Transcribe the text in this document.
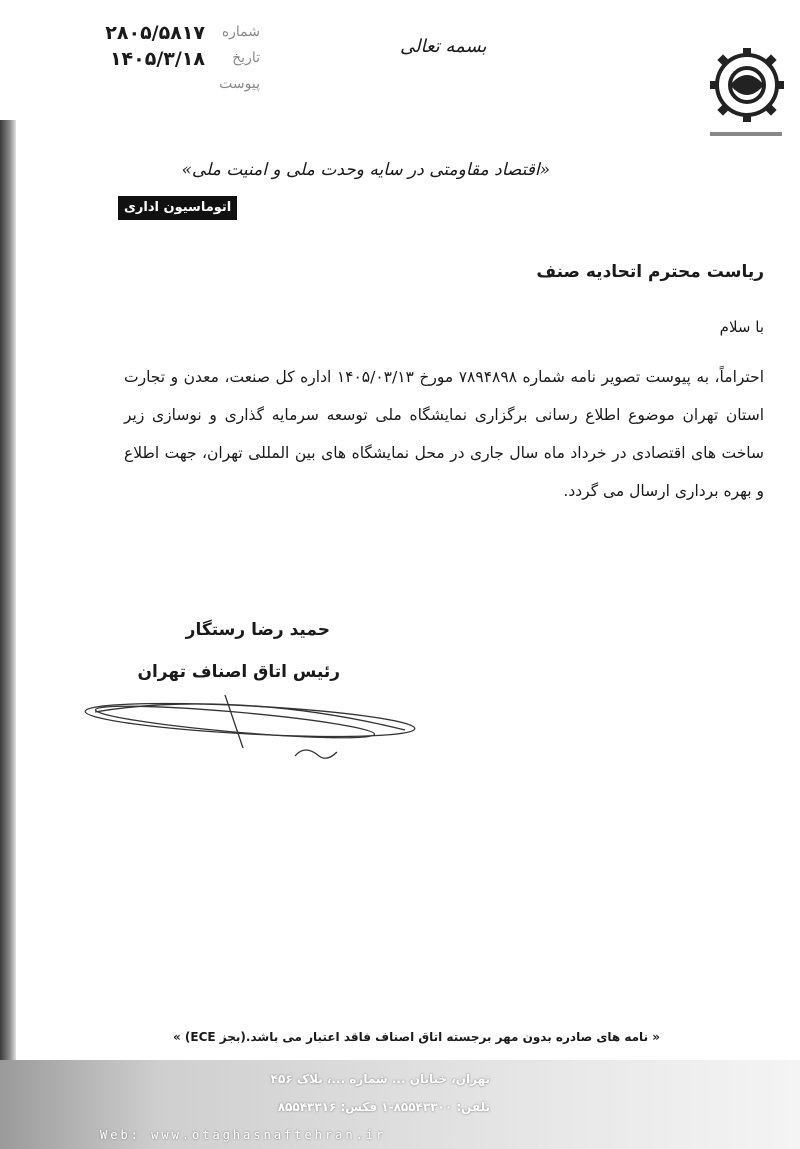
شماره
۲۸۰۵/۵۸۱۷
تاریخ
۱۴۰۵/۳/۱۸
پیوست
بسمه تعالی
«اقتصاد مقاومتی در سایه وحدت ملی و امنیت ملی»
اتوماسیون اداری
ریاست محترم اتحادیه صنف
با سلام
احتراماً، به پیوست تصویر نامه شماره ۷۸۹۴۸۹۸ مورخ ۱۴۰۵/۰۳/۱۳ اداره کل صنعت، معدن و تجارت استان تهران موضوع اطلاع رسانی برگزاری نمایشگاه ملی توسعه سرمایه گذاری و نوسازی زیر ساخت های اقتصادی در خرداد ماه سال جاری در محل نمایشگاه های بین المللی تهران، جهت اطلاع و بهره برداری ارسال می گردد.
حمید رضا رستگار
رئیس اتاق اصناف تهران
« نامه های صادره بدون مهر برجسته اتاق اصناف فاقد اعتبار می باشد.(بجز ECE) »
تهران، خیابان ... شماره ...، پلاک ۴۵۶
تلفن: ۸۵۵۴۳۳۰۰-۱ فکس: ۸۵۵۴۳۳۱۶
Web: www.otaghasnaftehran.ir
